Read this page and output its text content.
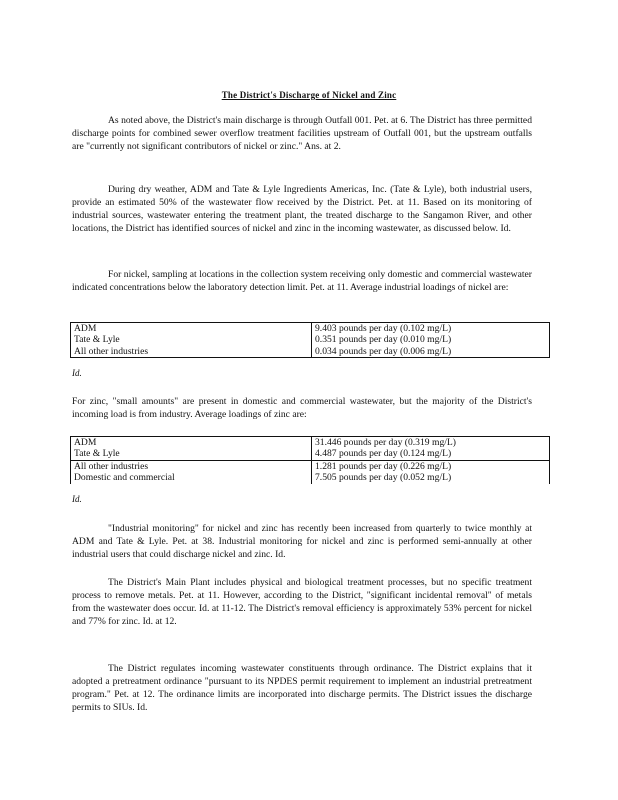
The District's Discharge of Nickel and Zinc

As noted above, the District's main discharge is through Outfall 001. Pet. at 6. The District has three permitted discharge points for combined sewer overflow treatment facilities upstream of Outfall 001, but the upstream outfalls are "currently not significant contributors of nickel or zinc." Ans. at 2.

During dry weather, ADM and Tate & Lyle Ingredients Americas, Inc. (Tate & Lyle), both industrial users, provide an estimated 50% of the wastewater flow received by the District. Pet. at 11. Based on its monitoring of industrial sources, wastewater entering the treatment plant, the treated discharge to the Sangamon River, and other locations, the District has identified sources of nickel and zinc in the incoming wastewater, as discussed below. Id.

For nickel, sampling at locations in the collection system receiving only domestic and commercial wastewater indicated concentrations below the laboratory detection limit. Pet. at 11. Average industrial loadings of nickel are:

ADM	9.403 pounds per day (0.102 mg/L)
Tate & Lyle	0.351 pounds per day (0.010 mg/L)
All other industries	0.034 pounds per day (0.006 mg/L)

Id.

For zinc, "small amounts" are present in domestic and commercial wastewater, but the majority of the District's incoming load is from industry. Average loadings of zinc are:

ADM	31.446 pounds per day (0.319 mg/L)
Tate & Lyle	4.487 pounds per day (0.124 mg/L)
All other industries	1.281 pounds per day (0.226 mg/L)
Domestic and commercial	7.505 pounds per day (0.052 mg/L)

Id.

"Industrial monitoring" for nickel and zinc has recently been increased from quarterly to twice monthly at ADM and Tate & Lyle. Pet. at 38. Industrial monitoring for nickel and zinc is performed semi-annually at other industrial users that could discharge nickel and zinc. Id.

The District's Main Plant includes physical and biological treatment processes, but no specific treatment process to remove metals. Pet. at 11. However, according to the District, "significant incidental removal" of metals from the wastewater does occur. Id. at 11-12. The District's removal efficiency is approximately 53% percent for nickel and 77% for zinc. Id. at 12.

The District regulates incoming wastewater constituents through ordinance. The District explains that it adopted a pretreatment ordinance "pursuant to its NPDES permit requirement to implement an industrial pretreatment program." Pet. at 12. The ordinance limits are incorporated into discharge permits. The District issues the discharge permits to SIUs. Id.
